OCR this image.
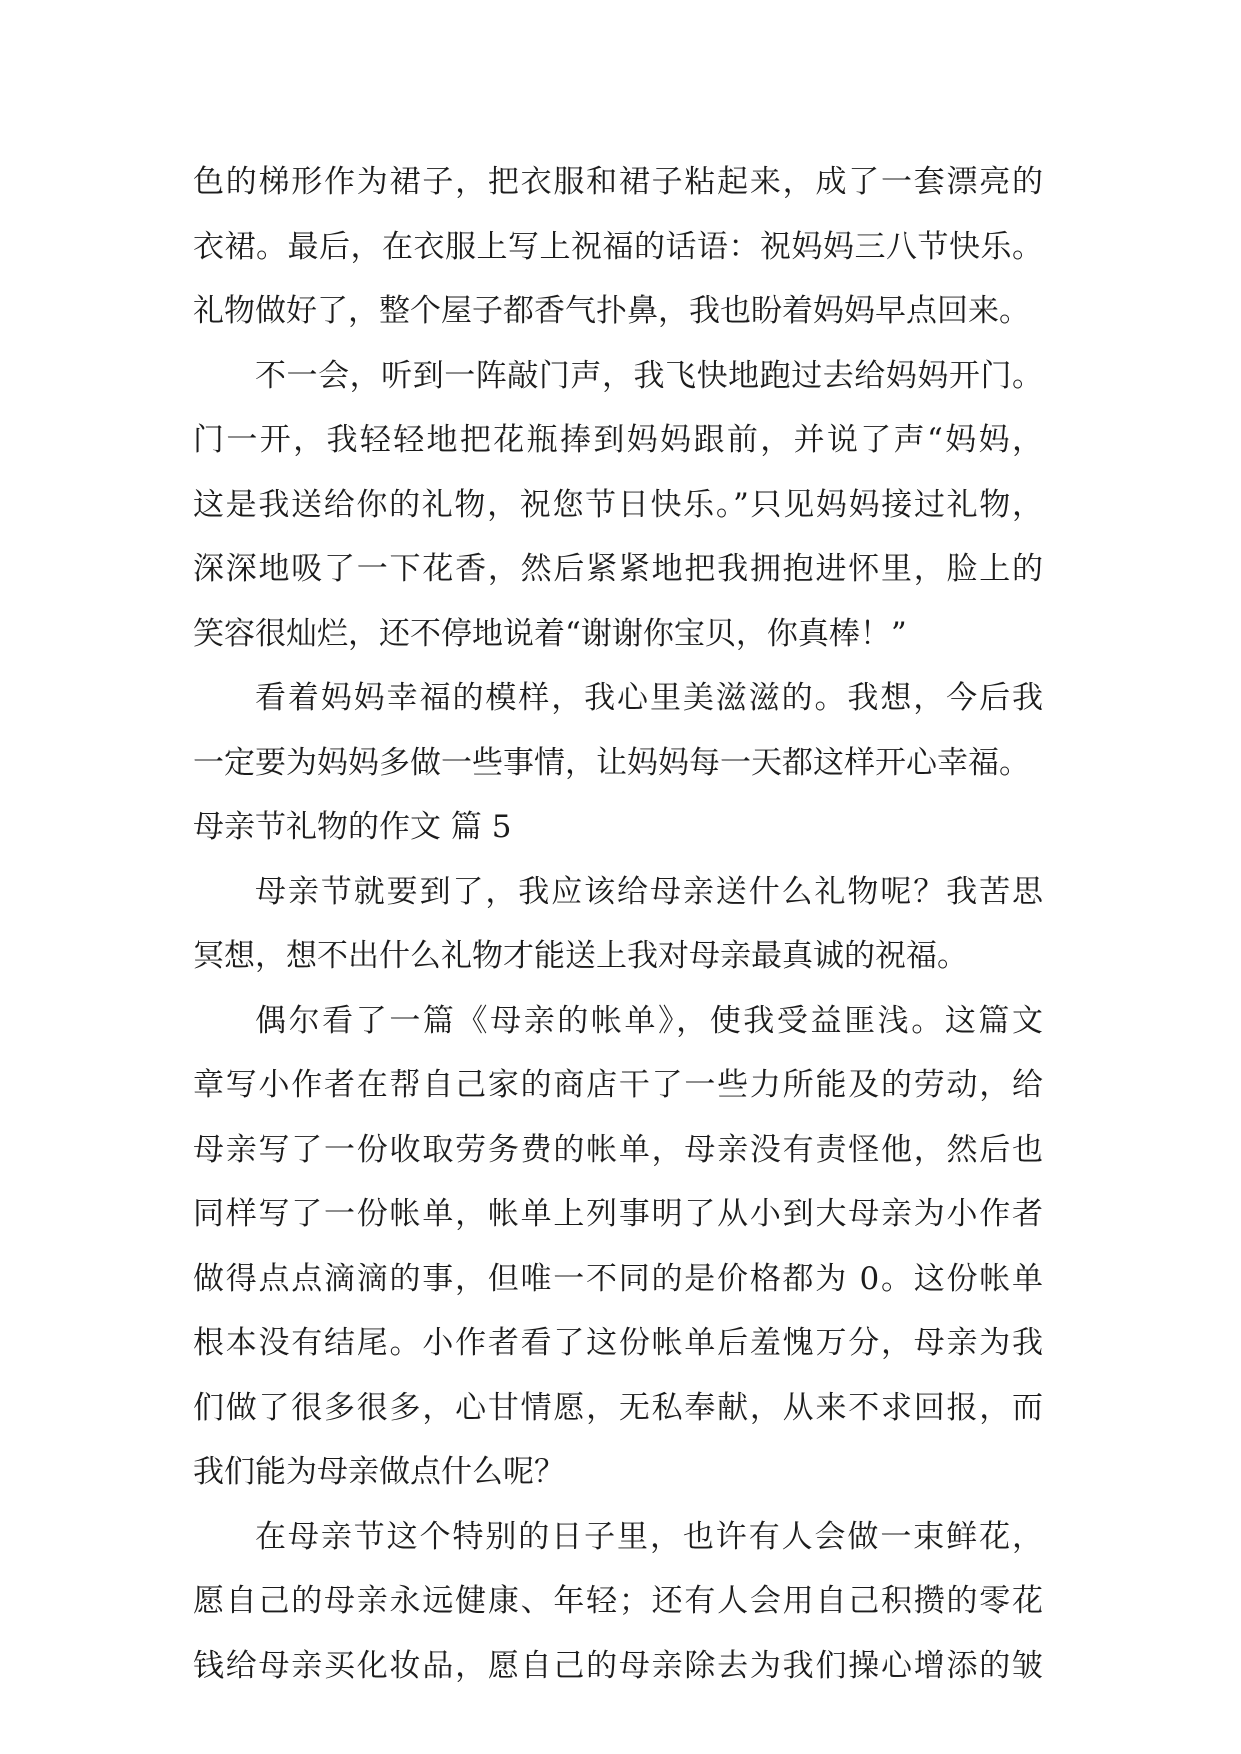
色的梯形作为裙子，把衣服和裙子粘起来，成了一套漂亮的
衣裙。最后，在衣服上写上祝福的话语：祝妈妈三八节快乐。
礼物做好了，整个屋子都香气扑鼻，我也盼着妈妈早点回来。
不一会，听到一阵敲门声，我飞快地跑过去给妈妈开门。
门一开，我轻轻地把花瓶捧到妈妈跟前，并说了声“妈妈，
这是我送给你的礼物，祝您节日快乐。”只见妈妈接过礼物，
深深地吸了一下花香，然后紧紧地把我拥抱进怀里，脸上的
笑容很灿烂，还不停地说着“谢谢你宝贝，你真棒！”
看着妈妈幸福的模样，我心里美滋滋的。我想，今后我
一定要为妈妈多做一些事情，让妈妈每一天都这样开心幸福。
母亲节礼物的作文 篇 5
母亲节就要到了，我应该给母亲送什么礼物呢？我苦思
冥想，想不出什么礼物才能送上我对母亲最真诚的祝福。
偶尔看了一篇《母亲的帐单》，使我受益匪浅。这篇文
章写小作者在帮自己家的商店干了一些力所能及的劳动，给
母亲写了一份收取劳务费的帐单，母亲没有责怪他，然后也
同样写了一份帐单，帐单上列事明了从小到大母亲为小作者
做得点点滴滴的事，但唯一不同的是价格都为 0。这份帐单
根本没有结尾。小作者看了这份帐单后羞愧万分，母亲为我
们做了很多很多，心甘情愿，无私奉献，从来不求回报，而
我们能为母亲做点什么呢？
在母亲节这个特别的日子里，也许有人会做一束鲜花，
愿自己的母亲永远健康、年轻；还有人会用自己积攒的零花
钱给母亲买化妆品，愿自己的母亲除去为我们操心增添的皱
